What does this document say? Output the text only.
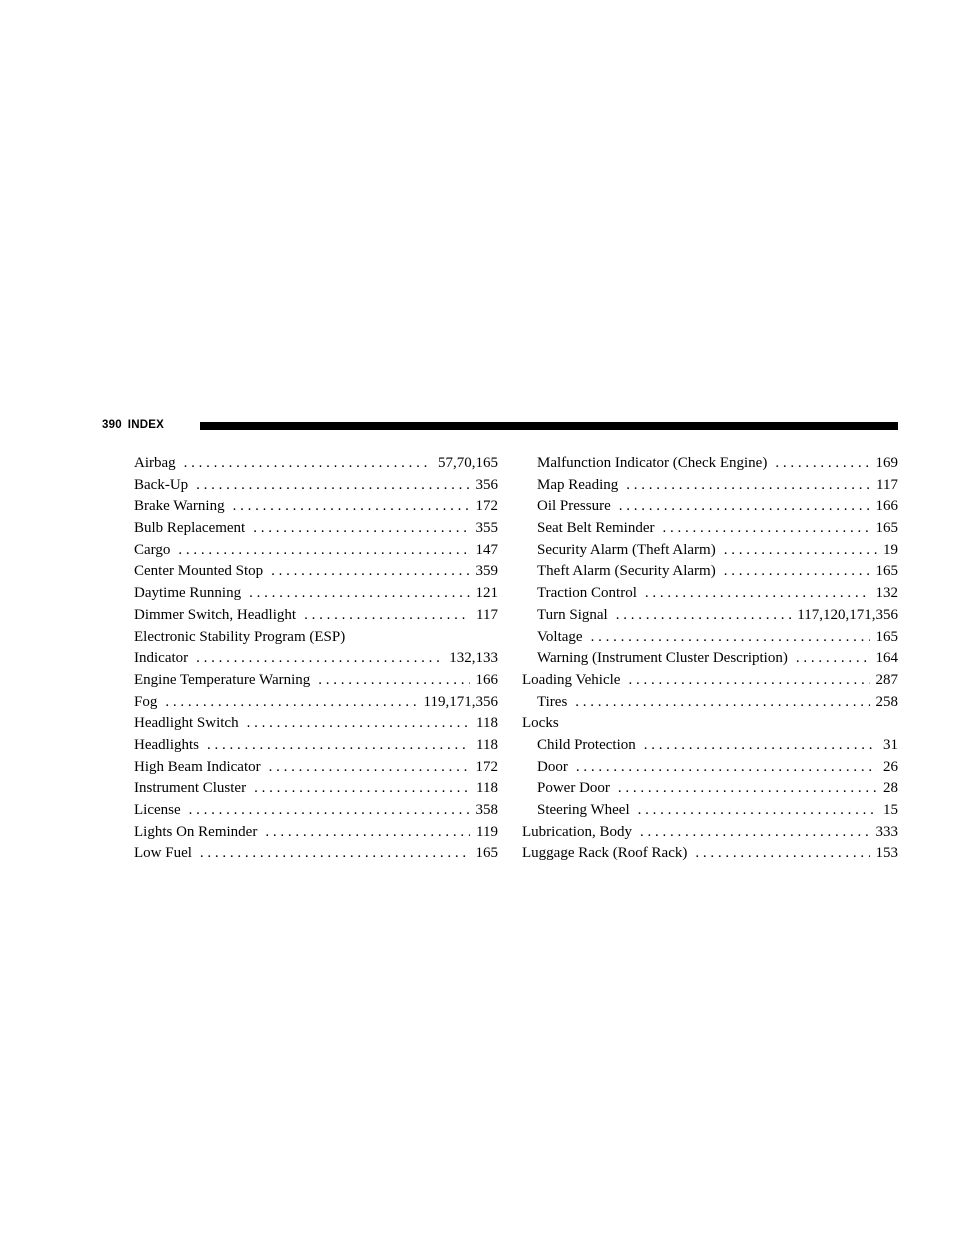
390 INDEX
Airbag . . .	57,70,165
Back-Up . . .	356
Brake Warning . . .	172
Bulb Replacement . . .	355
Cargo . . .	147
Center Mounted Stop . . .	359
Daytime Running . . .	121
Dimmer Switch, Headlight . . .	117
Electronic Stability Program (ESP)
Indicator . . .	132,133
Engine Temperature Warning . . .	166
Fog . . .	119,171,356
Headlight Switch . . .	118
Headlights . . .	118
High Beam Indicator . . .	172
Instrument Cluster . . .	118
License . . .	358
Lights On Reminder . . .	119
Low Fuel . . .	165
Malfunction Indicator (Check Engine) . . .	169
Map Reading . . .	117
Oil Pressure . . .	166
Seat Belt Reminder . . .	165
Security Alarm (Theft Alarm) . . .	19
Theft Alarm (Security Alarm) . . .	165
Traction Control . . .	132
Turn Signal . . .	117,120,171,356
Voltage . . .	165
Warning (Instrument Cluster Description) . . .	164
Loading Vehicle . . .	287
Tires . . .	258
Locks
Child Protection . . .	31
Door . . .	26
Power Door . . .	28
Steering Wheel . . .	15
Lubrication, Body . . .	333
Luggage Rack (Roof Rack) . . .	153
